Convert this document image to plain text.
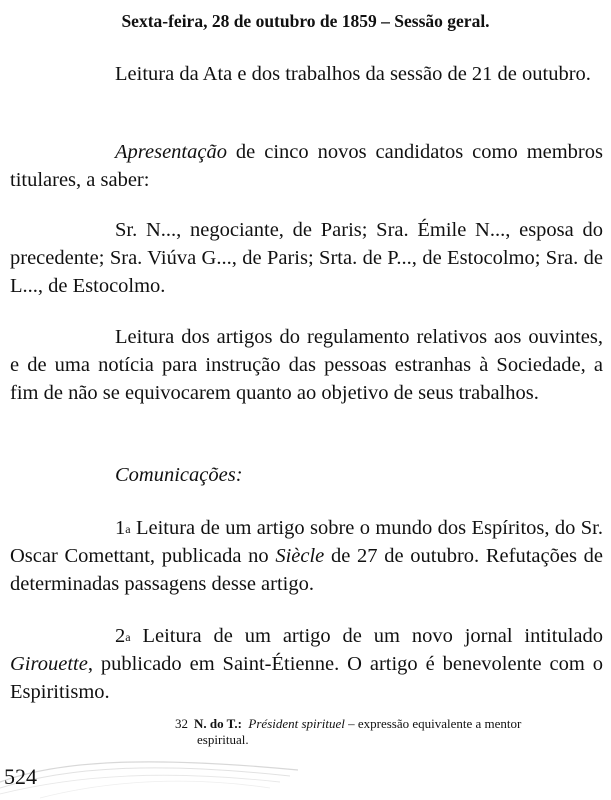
Sexta-feira, 28 de outubro de 1859 – Sessão geral.

Leitura da Ata e dos trabalhos da sessão de 21 de outubro.

Apresentação de cinco novos candidatos como membros titulares, a saber:

Sr. N..., negociante, de Paris; Sra. Émile N..., esposa do precedente; Sra. Viúva G..., de Paris; Srta. de P..., de Estocolmo; Sra. de L..., de Estocolmo.

Leitura dos artigos do regulamento relativos aos ouvintes, e de uma notícia para instrução das pessoas estranhas à Sociedade, a fim de não se equivocarem quanto ao objetivo de seus trabalhos.

Comunicações:

1$^a$ Leitura de um artigo sobre o mundo dos Espíritos, do Sr. Oscar Comettant, publicada no Siècle de 27 de outubro. Refutações de determinadas passagens desse artigo.

2$^a$ Leitura de um artigo de um novo jornal intitulado Girouette, publicado em Saint-Étienne. O artigo é benevolente com o Espiritismo.

32 N. do T.: Président spirituel – expressão equivalente a mentor
espiritual.
524
